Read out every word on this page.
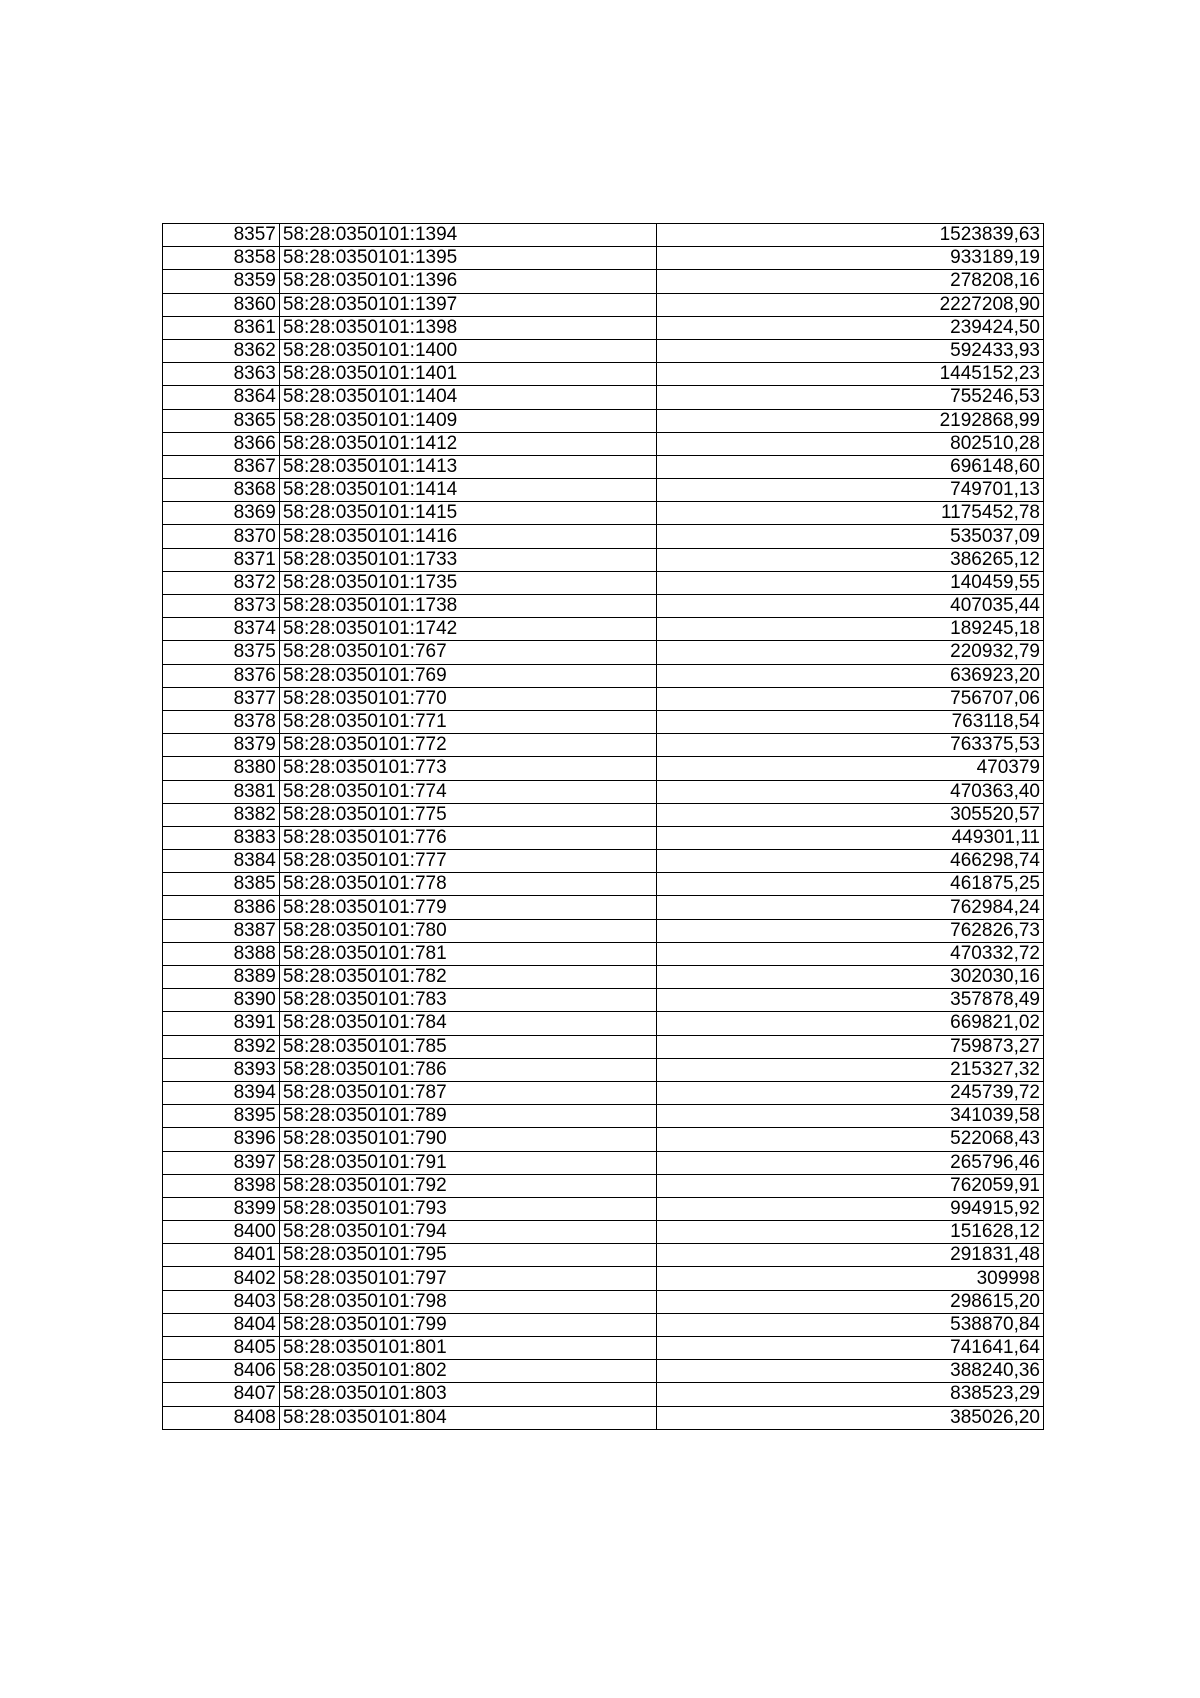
8357	58:28:0350101:1394	1523839,63
8358	58:28:0350101:1395	933189,19
8359	58:28:0350101:1396	278208,16
8360	58:28:0350101:1397	2227208,90
8361	58:28:0350101:1398	239424,50
8362	58:28:0350101:1400	592433,93
8363	58:28:0350101:1401	1445152,23
8364	58:28:0350101:1404	755246,53
8365	58:28:0350101:1409	2192868,99
8366	58:28:0350101:1412	802510,28
8367	58:28:0350101:1413	696148,60
8368	58:28:0350101:1414	749701,13
8369	58:28:0350101:1415	1175452,78
8370	58:28:0350101:1416	535037,09
8371	58:28:0350101:1733	386265,12
8372	58:28:0350101:1735	140459,55
8373	58:28:0350101:1738	407035,44
8374	58:28:0350101:1742	189245,18
8375	58:28:0350101:767	220932,79
8376	58:28:0350101:769	636923,20
8377	58:28:0350101:770	756707,06
8378	58:28:0350101:771	763118,54
8379	58:28:0350101:772	763375,53
8380	58:28:0350101:773	470379
8381	58:28:0350101:774	470363,40
8382	58:28:0350101:775	305520,57
8383	58:28:0350101:776	449301,11
8384	58:28:0350101:777	466298,74
8385	58:28:0350101:778	461875,25
8386	58:28:0350101:779	762984,24
8387	58:28:0350101:780	762826,73
8388	58:28:0350101:781	470332,72
8389	58:28:0350101:782	302030,16
8390	58:28:0350101:783	357878,49
8391	58:28:0350101:784	669821,02
8392	58:28:0350101:785	759873,27
8393	58:28:0350101:786	215327,32
8394	58:28:0350101:787	245739,72
8395	58:28:0350101:789	341039,58
8396	58:28:0350101:790	522068,43
8397	58:28:0350101:791	265796,46
8398	58:28:0350101:792	762059,91
8399	58:28:0350101:793	994915,92
8400	58:28:0350101:794	151628,12
8401	58:28:0350101:795	291831,48
8402	58:28:0350101:797	309998
8403	58:28:0350101:798	298615,20
8404	58:28:0350101:799	538870,84
8405	58:28:0350101:801	741641,64
8406	58:28:0350101:802	388240,36
8407	58:28:0350101:803	838523,29
8408	58:28:0350101:804	385026,20
